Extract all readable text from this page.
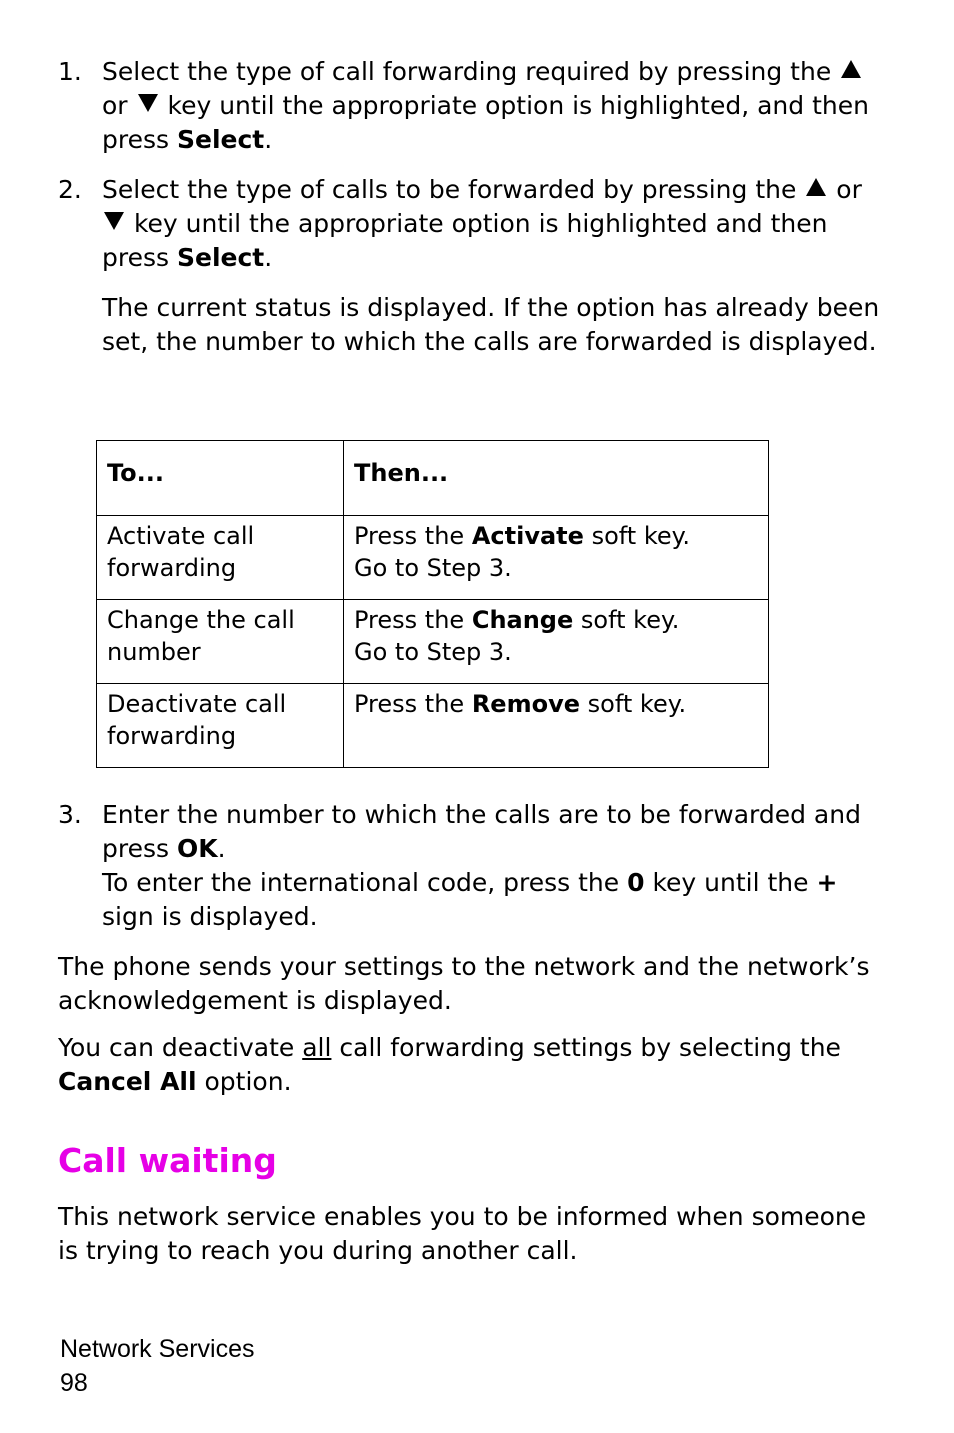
1. Select the type of call forwarding required by pressing the  or key until the appropriate option is highlighted, and then press Select.
2. Select the type of calls to be forwarded by pressing the or  key until the appropriate option is highlighted and then press Select.
The current status is displayed. If the option has already been set, the number to which the calls are forwarded is displayed.
To...	Then...
Activate call forwarding	Press the Activate soft key.
Go to Step 3.
Change the call number	Press the Change soft key.
Go to Step 3.
Deactivate call forwarding	Press the Remove soft key.
3. Enter the number to which the calls are to be forwarded and press OK.
To enter the international code, press the 0 key until the + sign is displayed.
The phone sends your settings to the network and the network’s acknowledgement is displayed.
You can deactivate all call forwarding settings by selecting the Cancel All option.
Call waiting
This network service enables you to be informed when someone is trying to reach you during another call.
Network Services
98
